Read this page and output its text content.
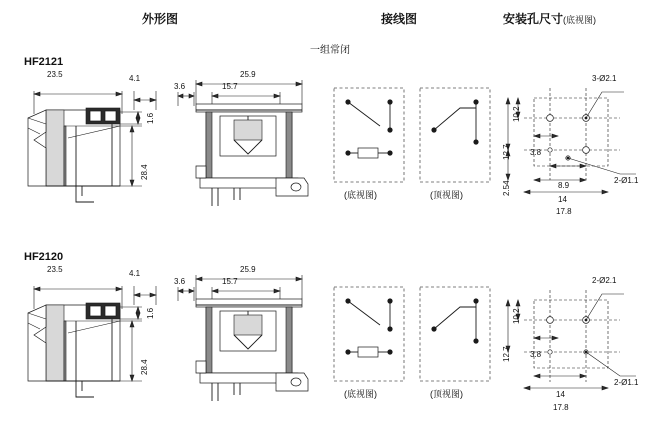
外形图	接线图	安装孔尺寸(底视图)
一组常闭
HF2121
23.5	4.1
1.6
28.4
25.9
15.7
3.6
(底视图)	(顶视图)
3-Ø2.1
2-Ø1.1
10.2
12.7 3.8
2.54	8.9
14
17.8
HF2120
23.5	4.1
1.6
28.4
25.9
15.7
3.6
(底视图)	(顶视图)
2-Ø2.1
2-Ø1.1
10.2
12.7 3.8
14
17.8
